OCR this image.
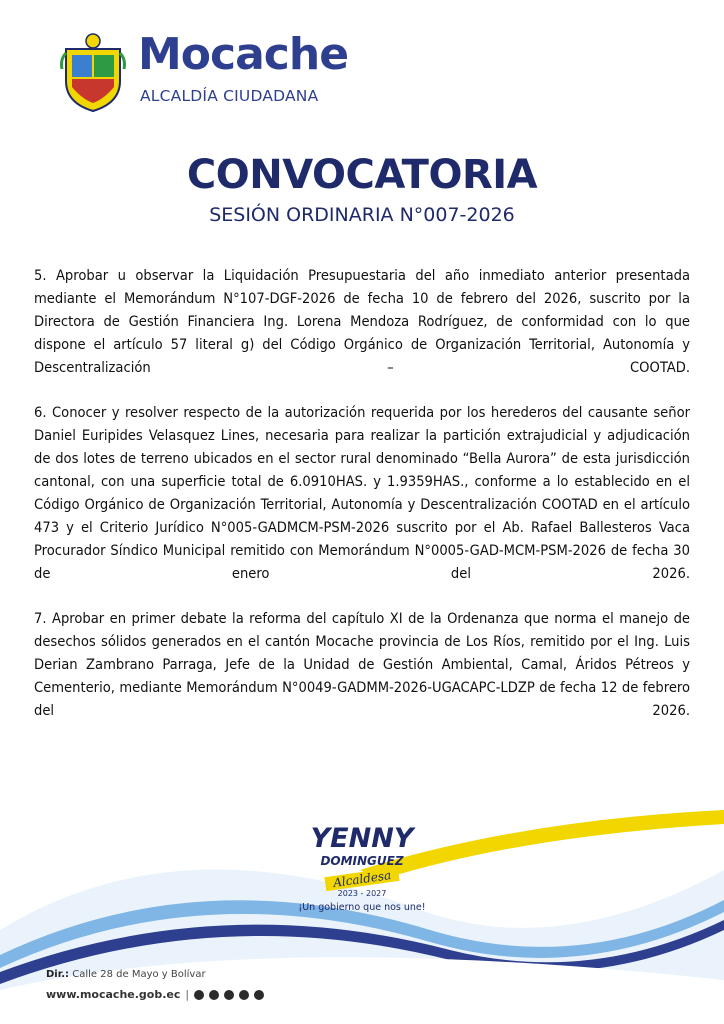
Mocache
ALCALDÍA CIUDADANA
CONVOCATORIA
SESIÓN ORDINARIA N°007-2026

5. Aprobar u observar la Liquidación Presupuestaria del año inmediato anterior presentada mediante el Memorándum N°107-DGF-2026 de fecha 10 de febrero del 2026, suscrito por la Directora de Gestión Financiera Ing. Lorena Mendoza Rodríguez, de conformidad con lo que dispone el artículo 57 literal g) del Código Orgánico de Organización Territorial, Autonomía y Descentralización – COOTAD.

6. Conocer y resolver respecto de la autorización requerida por los herederos del causante señor Daniel Euripides Velasquez Lines, necesaria para realizar la partición extrajudicial y adjudicación de dos lotes de terreno ubicados en el sector rural denominado “Bella Aurora” de esta jurisdicción cantonal, con una superficie total de 6.0910HAS. y 1.9359HAS., conforme a lo establecido en el Código Orgánico de Organización Territorial, Autonomía y Descentralización COOTAD en el artículo 473 y el Criterio Jurídico N°005-GADMCM-PSM-2026 suscrito por el Ab. Rafael Ballesteros Vaca Procurador Síndico Municipal remitido con Memorándum N°0005-GAD-MCM-PSM-2026 de fecha 30 de enero del 2026.

7. Aprobar en primer debate la reforma del capítulo XI de la Ordenanza que norma el manejo de desechos sólidos generados en el cantón Mocache provincia de Los Ríos, remitido por el Ing. Luis Derian Zambrano Parraga, Jefe de la Unidad de Gestión Ambiental, Camal, Áridos Pétreos y Cementerio, mediante Memorándum N°0049-GADMM-2026-UGACAPC-LDZP de fecha 12 de febrero del 2026.

YENNY
DOMINGUEZ
Alcaldesa
2023 - 2027
¡Un gobierno que nos une!
Dir.: Calle 28 de Mayo y Bolívar
www.mocache.gob.ec |
